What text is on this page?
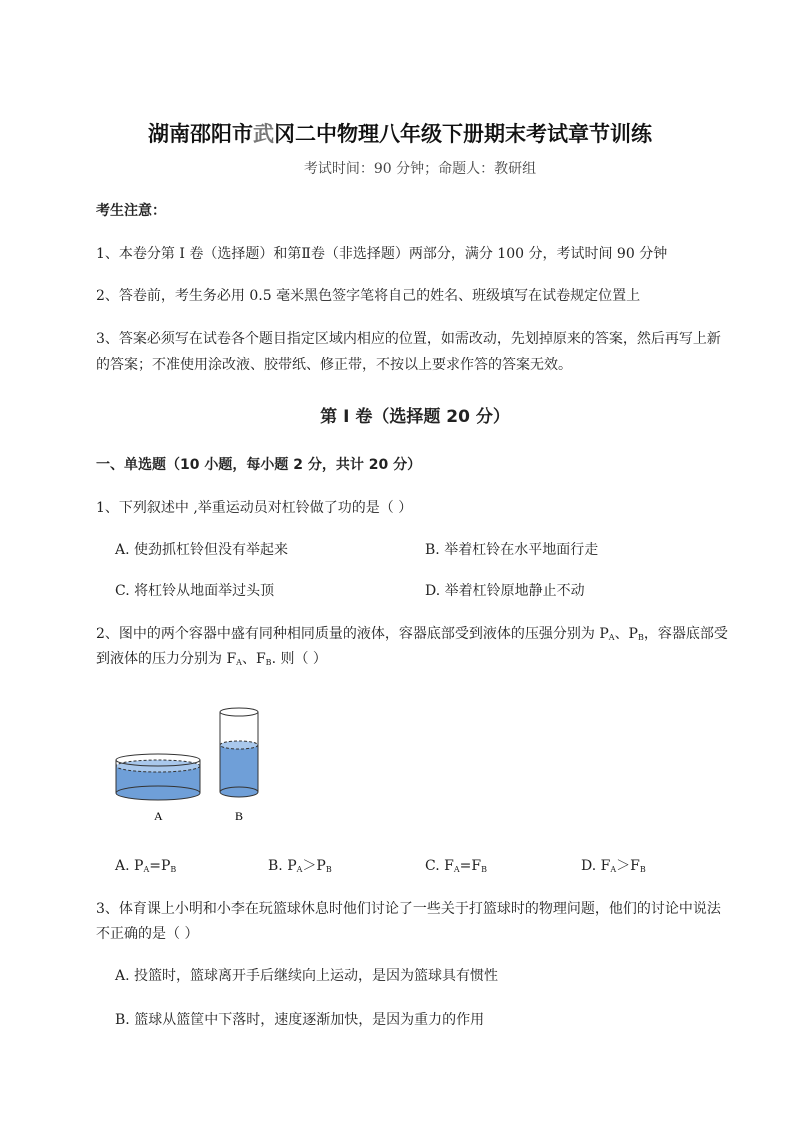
湖南邵阳市武冈二中物理八年级下册期末考试章节训练
考试时间：90 分钟；命题人：教研组
考生注意：
1、本卷分第 I 卷（选择题）和第Ⅱ卷（非选择题）两部分，满分 100 分，考试时间 90 分钟
2、答卷前，考生务必用 0.5 毫米黑色签字笔将自己的姓名、班级填写在试卷规定位置上
3、答案必须写在试卷各个题目指定区域内相应的位置，如需改动，先划掉原来的答案，然后再写上新
的答案；不准使用涂改液、胶带纸、修正带，不按以上要求作答的答案无效。
第 I 卷（选择题 20 分）
一、单选题（10 小题，每小题 2 分，共计 20 分）
1、下列叙述中 ,举重运动员对杠铃做了功的是（ ）
A. 使劲抓杠铃但没有举起来	B. 举着杠铃在水平地面行走
C. 将杠铃从地面举过头顶	D. 举着杠铃原地静止不动
2、图中的两个容器中盛有同种相同质量的液体，容器底部受到液体的压强分别为 $P_A$、$P_B$，容器底部受
到液体的压力分别为 $F_A$、$F_B$. 则（ ）
A	B
A. $P_A=P_B$	B. $P_A>P_B$	C. $F_A=F_B$	D. $F_A>F_B$
3、体育课上小明和小李在玩篮球休息时他们讨论了一些关于打篮球时的物理问题，他们的讨论中说法
不正确的是（ ）
A. 投篮时，篮球离开手后继续向上运动，是因为篮球具有惯性
B. 篮球从篮筐中下落时，速度逐渐加快，是因为重力的作用
